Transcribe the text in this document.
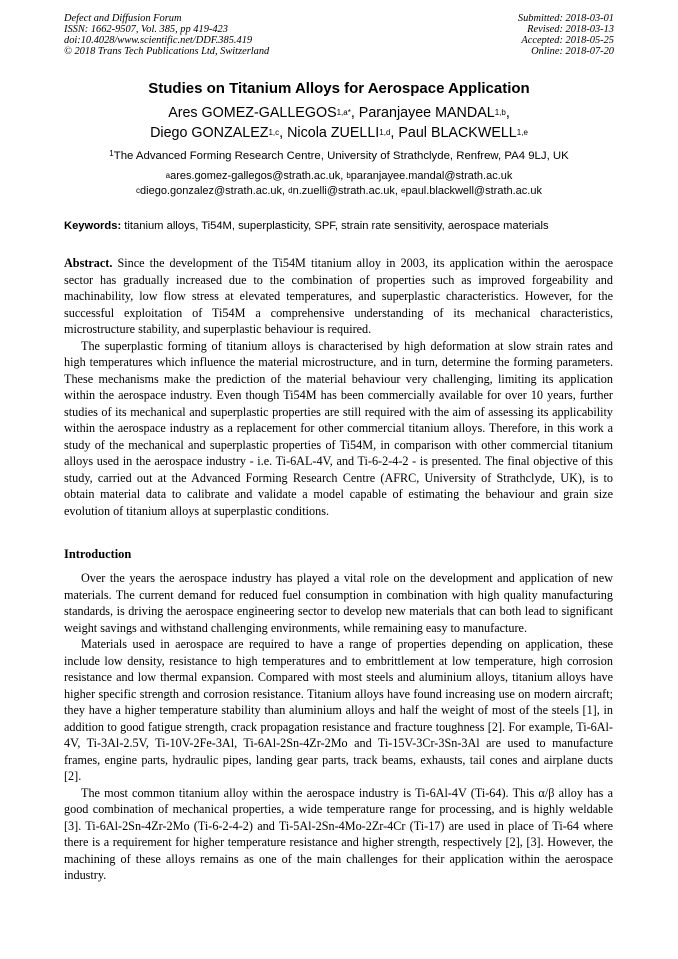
Defect and Diffusion Forum
ISSN: 1662-9507, Vol. 385, pp 419-423
doi:10.4028/www.scientific.net/DDF.385.419
© 2018 Trans Tech Publications Ltd, Switzerland
Submitted: 2018-03-01
Revised: 2018-03-13
Accepted: 2018-05-25
Online: 2018-07-20
Studies on Titanium Alloys for Aerospace Application
Ares GOMEZ-$GALLEGOS^{1,a*}$, Paranjayee MANDAL$^{1,b}$,
Diego GONZALEZ$^{1,c}$, Nicola ZUELLI$^{1,d}$, Paul BLACKWELL$^{1,e}$
$^1$The Advanced Forming Research Centre, University of Strathclyde, Renfrew, PA4 9LJ, UK
$^a$ares.gomez-gallegos@strath.ac.uk, $^b$paranjayee.mandal@strath.ac.uk
$^c$diego.gonzalez@strath.ac.uk, $^d$n.zuelli@strath.ac.uk, $^e$paul.blackwell@strath.ac.uk
Keywords: titanium alloys, Ti54M, superplasticity, SPF, strain rate sensitivity, aerospace materials

Abstract. Since the development of the Ti54M titanium alloy in 2003, its application within the aerospace sector has gradually increased due to the combination of properties such as improved forgeability and machinability, low flow stress at elevated temperatures, and superplastic characteristics. However, for the successful exploitation of Ti54M a comprehensive understanding of its mechanical characteristics, microstructure stability, and superplastic behaviour is required.

The superplastic forming of titanium alloys is characterised by high deformation at slow strain rates and high temperatures which influence the material microstructure, and in turn, determine the forming parameters. These mechanisms make the prediction of the material behaviour very challenging, limiting its application within the aerospace industry. Even though Ti54M has been commercially available for over 10 years, further studies of its mechanical and superplastic properties are still required with the aim of assessing its applicability within the aerospace industry as a replacement for other commercial titanium alloys. Therefore, in this work a study of the mechanical and superplastic properties of Ti54M, in comparison with other commercial titanium alloys used in the aerospace industry - i.e. Ti-6AL-4V, and Ti-6-2-4-2 - is presented. The final objective of this study, carried out at the Advanced Forming Research Centre (AFRC, University of Strathclyde, UK), is to obtain material data to calibrate and validate a model capable of estimating the behaviour and grain size evolution of titanium alloys at superplastic conditions.

Introduction

Over the years the aerospace industry has played a vital role on the development and application of new materials. The current demand for reduced fuel consumption in combination with high quality manufacturing standards, is driving the aerospace engineering sector to develop new materials that can both lead to significant weight savings and withstand challenging environments, while remaining easy to manufacture.

Materials used in aerospace are required to have a range of properties depending on application, these include low density, resistance to high temperatures and to embrittlement at low temperature, high corrosion resistance and low thermal expansion. Compared with most steels and aluminium alloys, titanium alloys have higher specific strength and corrosion resistance. Titanium alloys have found increasing use on modern aircraft; they have a higher temperature stability than aluminium alloys and half the weight of most of the steels [1], in addition to good fatigue strength, crack propagation resistance and fracture toughness [2]. For example, Ti-6Al-4V, Ti-3Al-2.5V, Ti-10V-2Fe-3Al, Ti-6Al-2Sn-4Zr-2Mo and Ti-15V-3Cr-3Sn-3Al are used to manufacture frames, engine parts, hydraulic pipes, landing gear parts, track beams, exhausts, tail cones and airplane ducts [2].

The most common titanium alloy within the aerospace industry is Ti-6Al-4V (Ti-64). This α/β alloy has a good combination of mechanical properties, a wide temperature range for processing, and is highly weldable [3]. Ti-6Al-2Sn-4Zr-2Mo (Ti-6-2-4-2) and Ti-5Al-2Sn-4Mo-2Zr-4Cr (Ti-17) are used in place of Ti-64 where there is a requirement for higher temperature resistance and higher strength, respectively [2], [3]. However, the machining of these alloys remains as one of the main challenges for their application within the aerospace industry.
